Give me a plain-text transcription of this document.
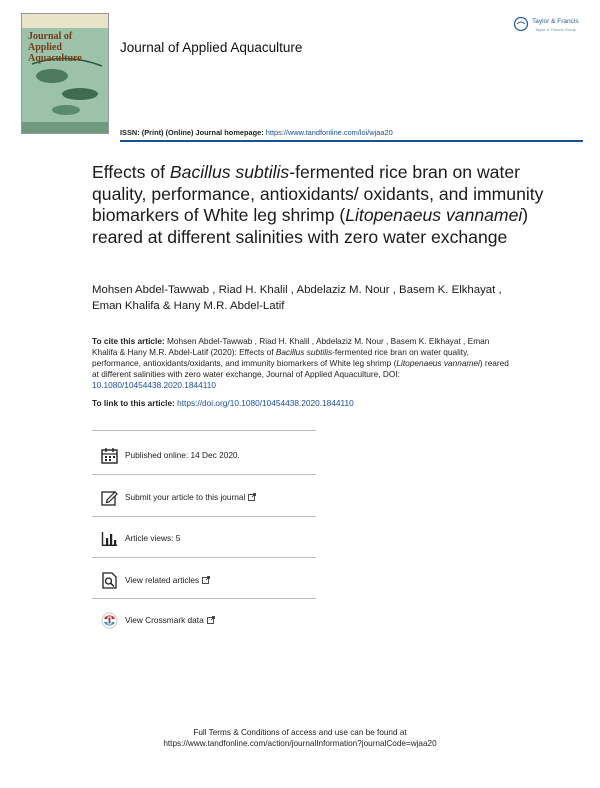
Journal of Applied Aquaculture
Journal of Applied Aquaculture
Taylor & Francis
Taylor & Francis Group
ISSN: (Print) (Online) Journal homepage: https://www.tandfonline.com/loi/wjaa20
Effects of Bacillus subtilis-fermented rice bran on water quality, performance, antioxidants/ oxidants, and immunity biomarkers of White leg shrimp (Litopenaeus vannamei) reared at different salinities with zero water exchange
Mohsen Abdel-Tawwab , Riad H. Khalil , Abdelaziz M. Nour , Basem K. Elkhayat , Eman Khalifa & Hany M.R. Abdel-Latif
To cite this article: Mohsen Abdel-Tawwab , Riad H. Khalil , Abdelaziz M. Nour , Basem K. Elkhayat , Eman Khalifa & Hany M.R. Abdel-Latif (2020): Effects of Bacillus subtilis-fermented rice bran on water quality, performance, antioxidants/oxidants, and immunity biomarkers of White leg shrimp (Litopenaeus vannamei) reared at different salinities with zero water exchange, Journal of Applied Aquaculture, DOI: 10.1080/10454438.2020.1844110
To link to this article: https://doi.org/10.1080/10454438.2020.1844110
Published online: 14 Dec 2020.
Submit your article to this journal
Article views: 5
View related articles
View Crossmark data
Full Terms & Conditions of access and use can be found at
https://www.tandfonline.com/action/journalInformation?journalCode=wjaa20
